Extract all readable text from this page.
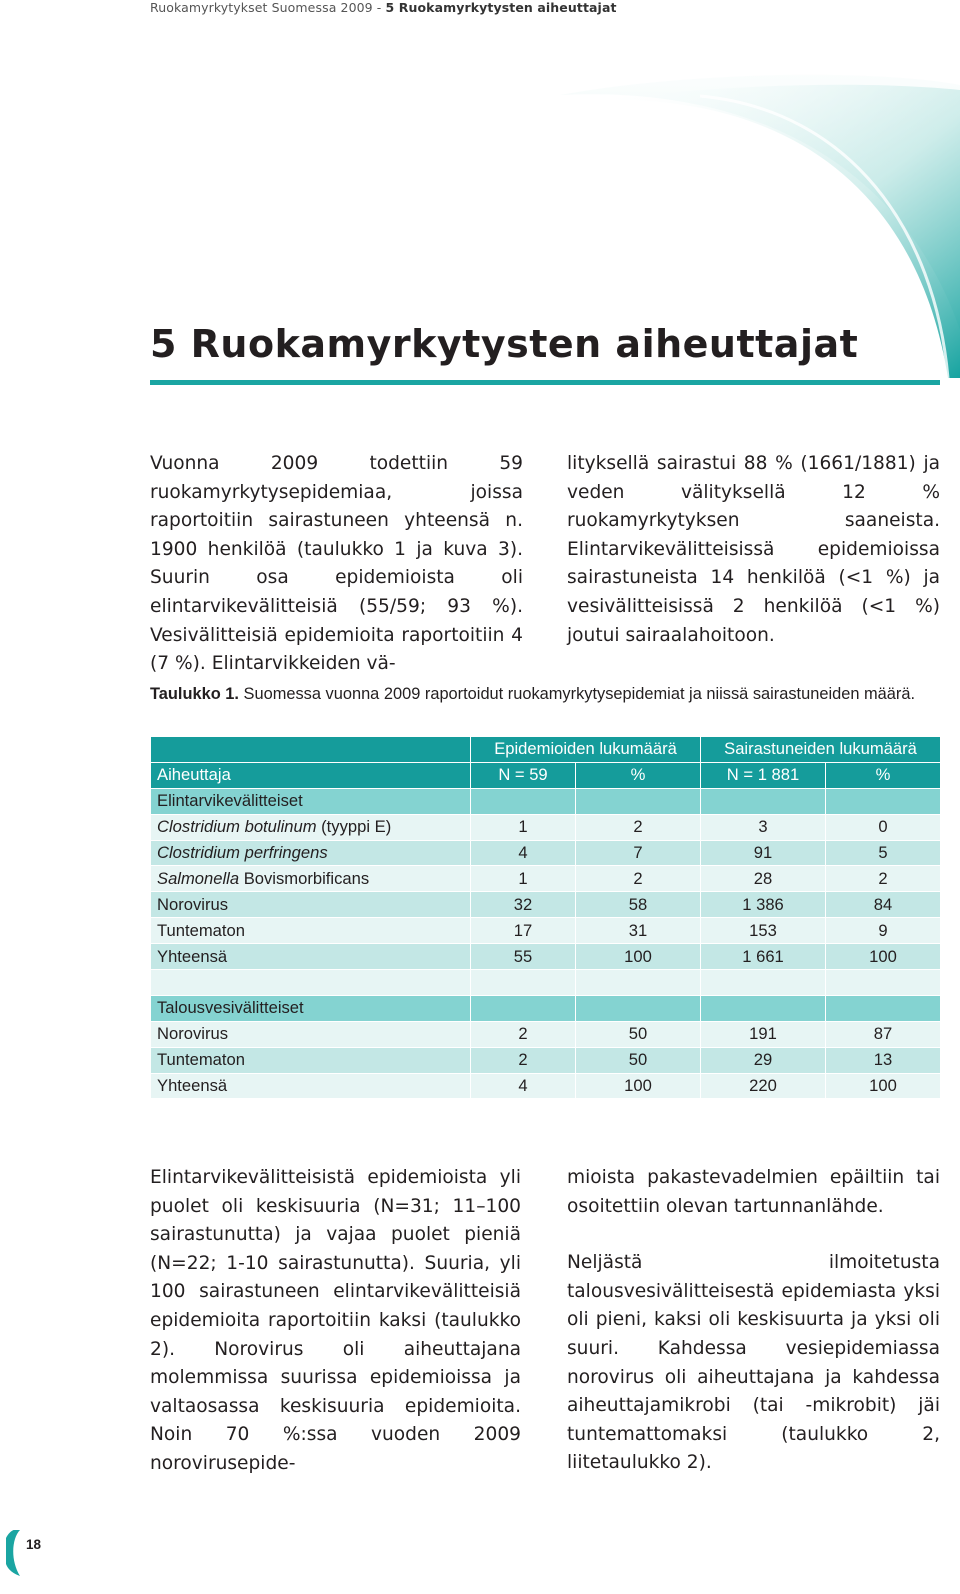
Ruokamyrkytykset Suomessa 2009 - 5 Ruokamyrkytysten aiheuttajat
5 Ruokamyrkytysten aiheuttajat

Vuonna 2009 todettiin 59 ruokamyrkytysepidemiaa, joissa raportoitiin sairastuneen yhteensä n. 1900 henkilöä (taulukko 1 ja kuva 3). Suurin osa epidemioista oli elintarvikevälitteisiä (55/59; 93 %). Vesivälitteisiä epidemioita raportoitiin 4 (7 %). Elintarvikkeiden vä-

lityksellä sairastui 88 % (1661/1881) ja veden välityksellä 12 % ruokamyrkytyksen saaneista. Elintarvikevälitteisissä epidemioissa sairastuneista 14 henkilöä (<1 %) ja vesivälitteisissä 2 henkilöä (<1 %) joutui sairaalahoitoon.

Taulukko 1. Suomessa vuonna 2009 raportoidut ruokamyrkytysepidemiat ja niissä sairastuneiden määrä.

	Epidemioiden lukumäärä		Sairastuneiden lukumäärä	
Aiheuttaja	N = 59	%	N = 1 881	%
Elintarvikevälitteiset				
Clostridium botulinum (tyyppi E)	1	2	3	0
Clostridium perfringens	4	7	91	5
Salmonella Bovismorbificans	1	2	28	2
Norovirus	32	58	1 386	84
Tuntematon	17	31	153	9
Yhteensä	55	100	1 661	100

Talousvesivälitteiset				
Norovirus	2	50	191	87
Tuntematon	2	50	29	13
Yhteensä	4	100	220	100

Elintarvikevälitteisistä epidemioista yli puolet oli keskisuuria (N=31; 11–100 sairastunutta) ja vajaa puolet pieniä (N=22; 1-10 sairastunutta). Suuria, yli 100 sairastuneen elintarvikevälitteisiä epidemioita raportoitiin kaksi (taulukko 2). Norovirus oli aiheuttajana molemmissa suurissa epidemioissa ja valtaosassa keskisuuria epidemioita. Noin 70 %:ssa vuoden 2009 norovirusepide-

mioista pakastevadelmien epäiltiin tai osoitettiin olevan tartunnanlähde.

Neljästä ilmoitetusta talousvesivälitteisestä epidemiasta yksi oli pieni, kaksi oli keskisuurta ja yksi oli suuri. Kahdessa vesiepidemiassa norovirus oli aiheuttajana ja kahdessa aiheuttajamikrobi (tai -mikrobit) jäi tuntemattomaksi (taulukko 2, liitetaulukko 2).

18
